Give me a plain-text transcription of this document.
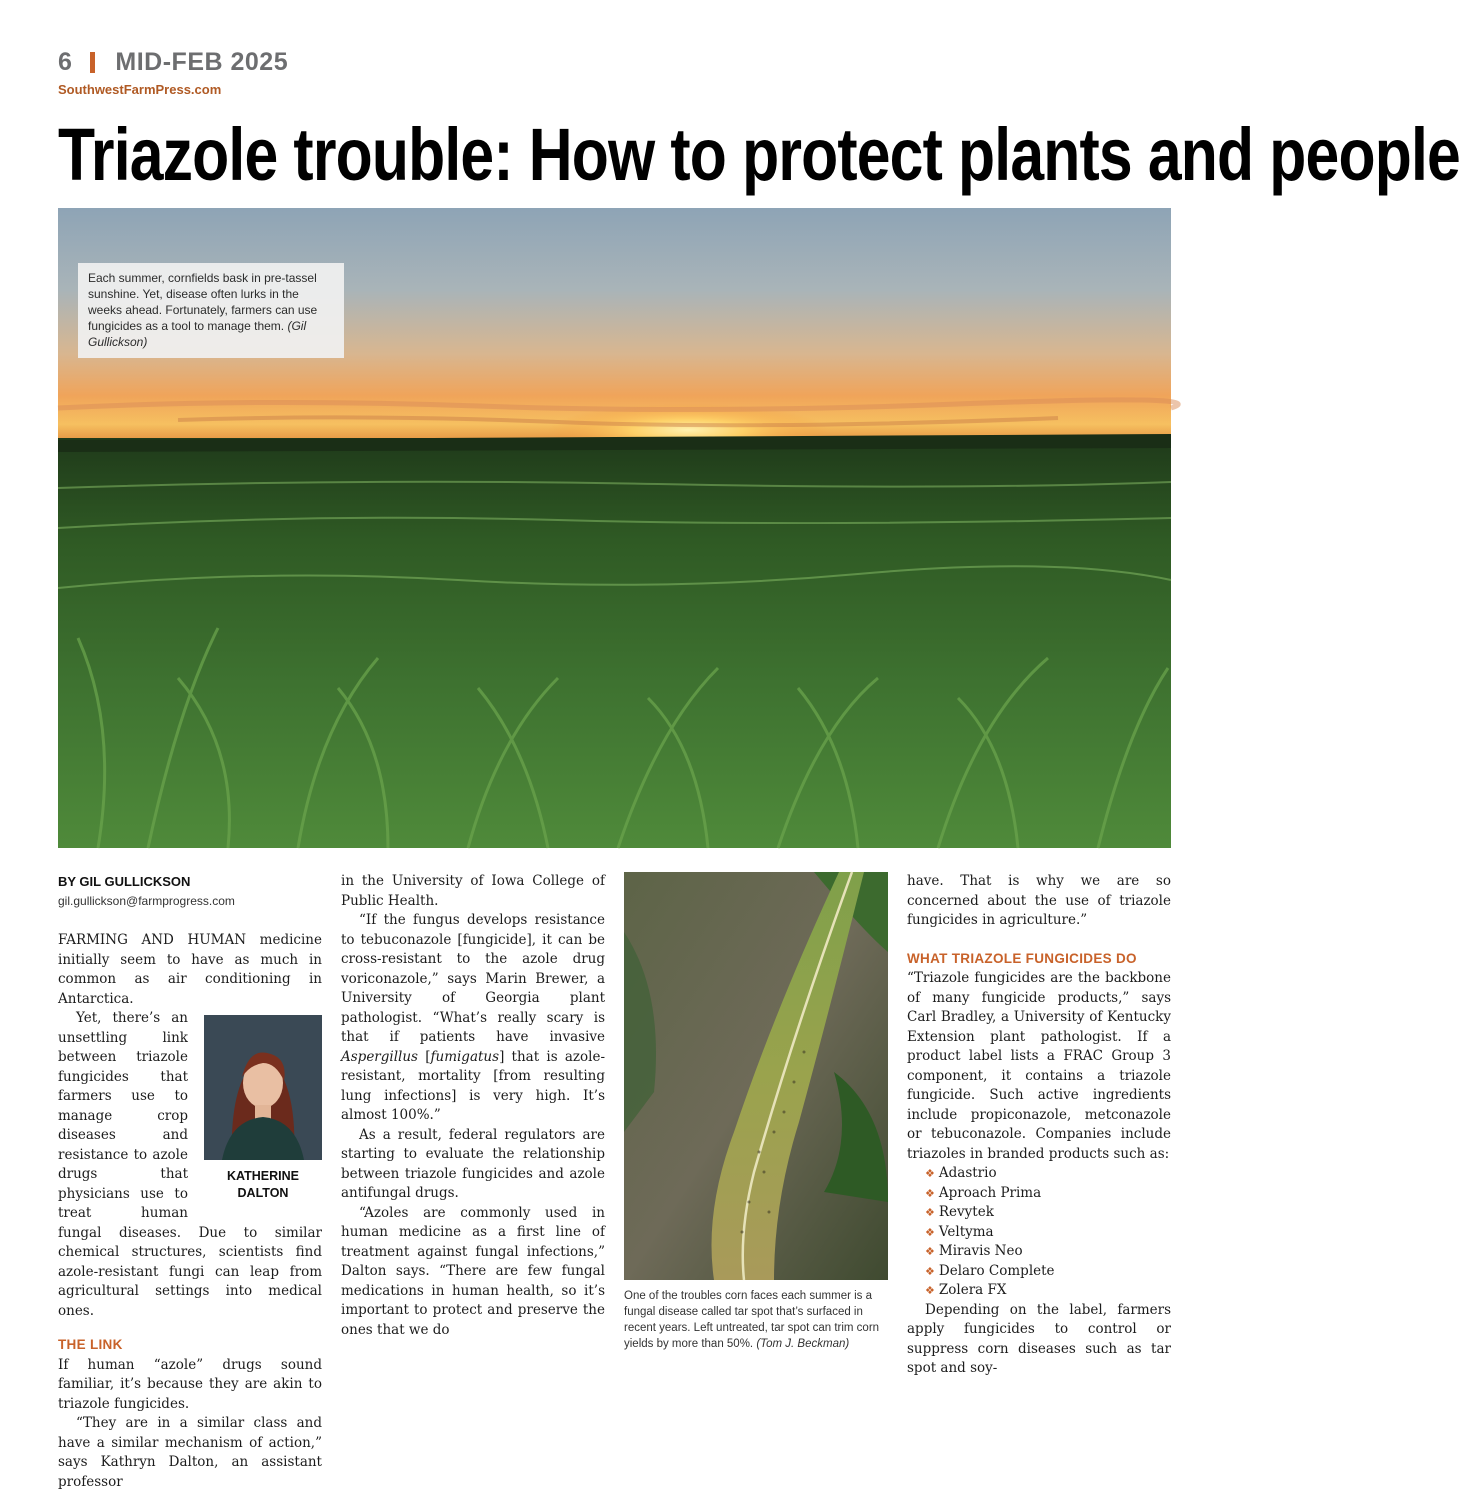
6 MID-FEB 2025
SouthwestFarmPress.com
Triazole trouble: How to protect plants and people
Each summer, cornfields bask in pre-tassel sunshine. Yet, disease often lurks in the weeks ahead. Fortunately, farmers can use fungicides as a tool to manage them. (Gil Gullickson)
BY GIL GULLICKSON
gil.gullickson@farmprogress.com

FARMING AND HUMAN medicine initially seem to have as much in common as air conditioning in Antarctica.

KATHERINE
DALTON

Yet, there’s an unsettling link between triazole fungicides that farmers use to manage crop diseases and resistance to azole drugs that physicians use to treat human fungal diseases. Due to similar chemical structures, scientists find azole-resistant fungi can leap from agricultural settings into medical ones.

THE LINK

If human “azole” drugs sound familiar, it’s because they are akin to triazole fungicides.

“They are in a similar class and have a similar mechanism of action,” says Kathryn Dalton, an assistant professor

in the University of Iowa College of Public Health.

“If the fungus develops resistance to tebuconazole [fungicide], it can be cross-resistant to the azole drug voriconazole,” says Marin Brewer, a University of Georgia plant pathologist. “What’s really scary is that if patients have invasive Aspergillus [fumigatus] that is azole-resistant, mortality [from resulting lung infections] is very high. It’s almost 100%.”

As a result, federal regulators are starting to evaluate the relationship between triazole fungicides and azole antifungal drugs.

“Azoles are commonly used in human medicine as a first line of treatment against fungal infections,” Dalton says. “There are few fungal medications in human health, so it’s important to protect and preserve the ones that we do

One of the troubles corn faces each summer is a fungal disease called tar spot that’s surfaced in recent years. Left untreated, tar spot can trim corn yields by more than 50%. (Tom J. Beckman)

have. That is why we are so concerned about the use of triazole fungicides in agriculture.”

WHAT TRIAZOLE FUNGICIDES DO

“Triazole fungicides are the backbone of many fungicide products,” says Carl Bradley, a University of Kentucky Extension plant pathologist. If a product label lists a FRAC Group 3 component, it contains a triazole fungicide. Such active ingredients include propiconazole, metconazole or tebuconazole. Companies include triazoles in branded products such as:

❖ Adastrio
❖ Aproach Prima
❖ Revytek
❖ Veltyma
❖ Miravis Neo
❖ Delaro Complete
❖ Zolera FX

Depending on the label, farmers apply fungicides to control or suppress corn diseases such as tar spot and soy-
